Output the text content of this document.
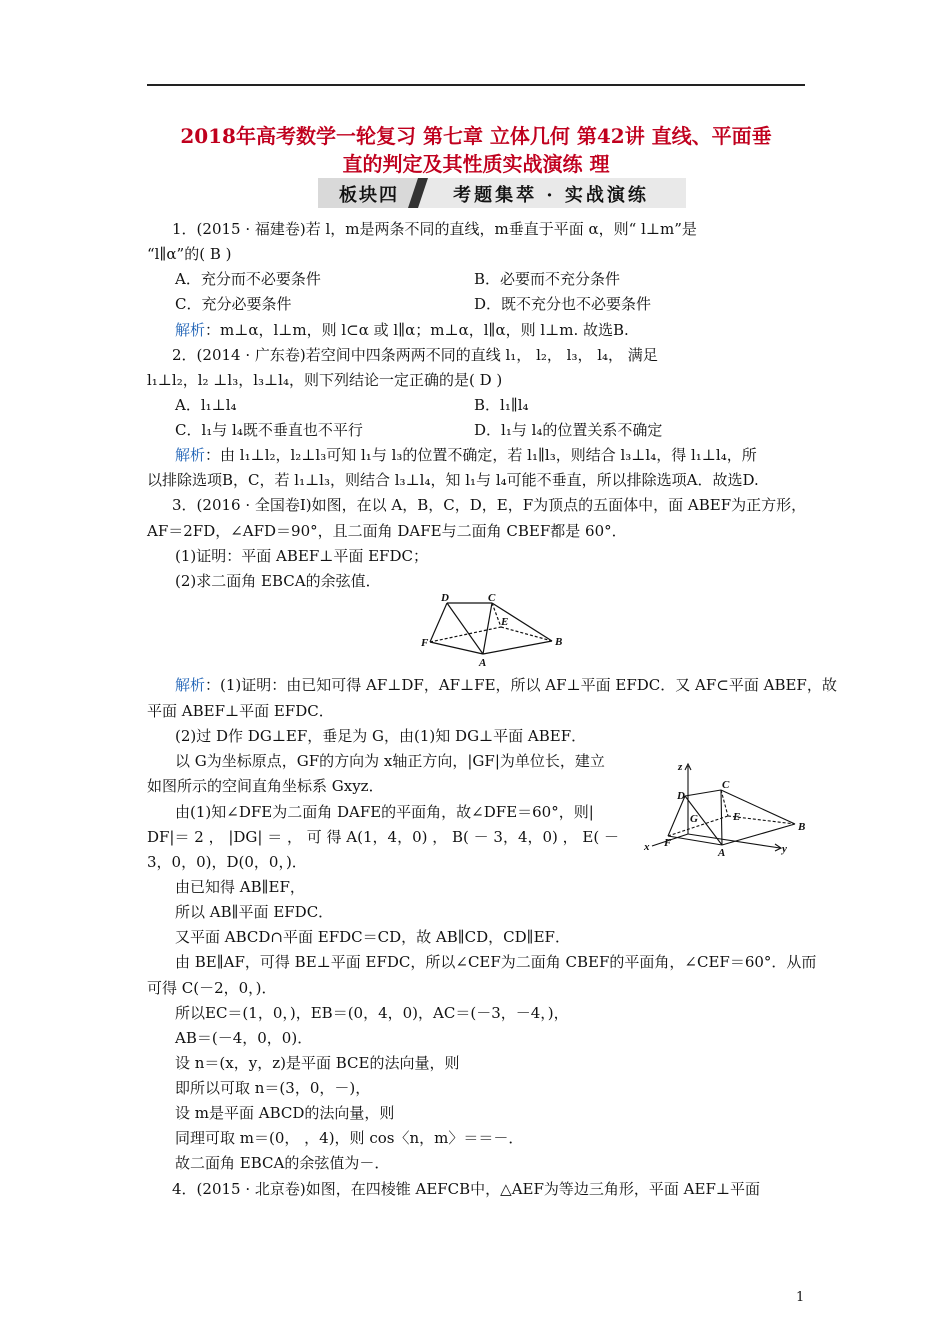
2018年高考数学一轮复习 第七章 立体几何 第42讲 直线、平面垂
直的判定及其性质实战演练 理
板块四	考题集萃 · 实战演练
1．(2015 · 福建卷)若 l，m是两条不同的直线，m垂直于平面 α，则“ l⊥m”是
“l∥α”的( B )
A．充分而不必要条件	B．必要而不充分条件
C．充分必要条件	D．既不充分也不必要条件
解析：m⊥α，l⊥m，则 l⊂α 或 l∥α；m⊥α，l∥α，则 l⊥m. 故选B.
2．(2014 · 广东卷)若空间中四条两两不同的直线 l₁， l₂， l₃， l₄， 满足
l₁⊥l₂，l₂ ⊥l₃，l₃⊥l₄，则下列结论一定正确的是( D )
A．l₁⊥l₄	B．l₁∥l₄
C．l₁与 l₄既不垂直也不平行	D．l₁与 l₄的位置关系不确定
解析：由 l₁⊥l₂，l₂⊥l₃可知 l₁与 l₃的位置不确定，若 l₁∥l₃，则结合 l₃⊥l₄，得 l₁⊥l₄，所
以排除选项B，C，若 l₁⊥l₃，则结合 l₃⊥l₄，知 l₁与 l₄可能不垂直，所以排除选项A．故选D.
3．(2016 · 全国卷Ⅰ)如图，在以 A，B，C，D，E，F为顶点的五面体中，面 ABEF为正方形，
AF＝2FD，∠AFD＝90°，且二面角 DAFE与二面角 CBEF都是 60°．
(1)证明：平面 ABEF⊥平面 EFDC；
(2)求二面角 EBCA的余弦值．
D	C
E
F	B
A
解析：(1)证明：由已知可得 AF⊥DF，AF⊥FE，所以 AF⊥平面 EFDC．又 AF⊂平面 ABEF，故
平面 ABEF⊥平面 EFDC．
(2)过 D作 DG⊥EF，垂足为 G，由(1)知 DG⊥平面 ABEF．
以 G为坐标原点，GF的方向为 x轴正方向，|GF|为单位长，建立
如图所示的空间直角坐标系 Gxyz．
由(1)知∠DFE为二面角 DAFE的平面角，故∠DFE＝60°，则|
DF|＝ 2 ， |DG| ＝ ， 可 得 A(1，4，0) ， B( － 3，4，0) ， E( －
3，0，0)，D(0，0，)．
z
D
C
G	E
F
B
A
x	y
由已知得 AB∥EF，
所以 AB∥平面 EFDC．
又平面 ABCD∩平面 EFDC＝CD，故 AB∥CD，CD∥EF．
由 BE∥AF，可得 BE⊥平面 EFDC，所以∠CEF为二面角 CBEF的平面角，∠CEF＝60°．从而
可得 C(－2，0，)．
所以EC＝(1，0，)，EB＝(0，4，0)，AC＝(－3，－4，)，
AB＝(－4，0，0)．
设 n＝(x，y，z)是平面 BCE的法向量，则
即所以可取 n＝(3，0，－)，
设 m是平面 ABCD的法向量，则
同理可取 m＝(0， ，4)，则 cos〈n，m〉＝＝－．
故二面角 EBCA的余弦值为－．
4．(2015 · 北京卷)如图，在四棱锥 AEFCB中，△AEF为等边三角形，平面 AEF⊥平面
1
